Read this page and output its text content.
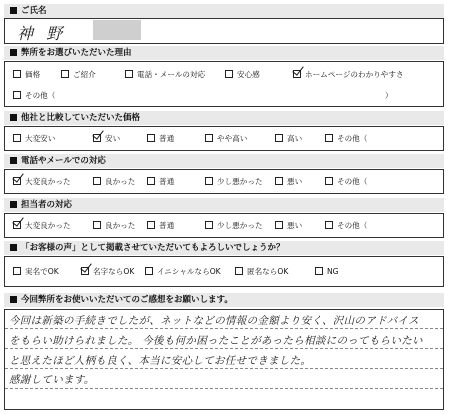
ご氏名
神 野
弊所をお選びいただいた理由
価格	ご紹介	電話・メールの対応	安心感	ホームページのわかりやすさ
その他（	）
他社と比較していただいた価格
大変安い	安い	普通	やや高い	高い	その他（
電話やメールでの対応
大変良かった	良かった	普通	少し悪かった	悪い	その他（
担当者の対応
大変良かった	良かった	普通	少し悪かった	悪い	その他（
「お客様の声」として掲載させていただいてもよろしいでしょうか？
実名でOK	名字ならOK	イニシャルならOK	匿名ならOK	NG
今回弊所をお使いいただいてのご感想をお願いします。
今回は新築の手続きでしたが、ネットなどの情報の金額より安く、沢山のアドバイス
をもらい助けられました。 今後も何か困ったことがあったら相談にのってもらいたい
と思えたほど人柄も良く、本当に安心してお任せできました。
感謝しています。
